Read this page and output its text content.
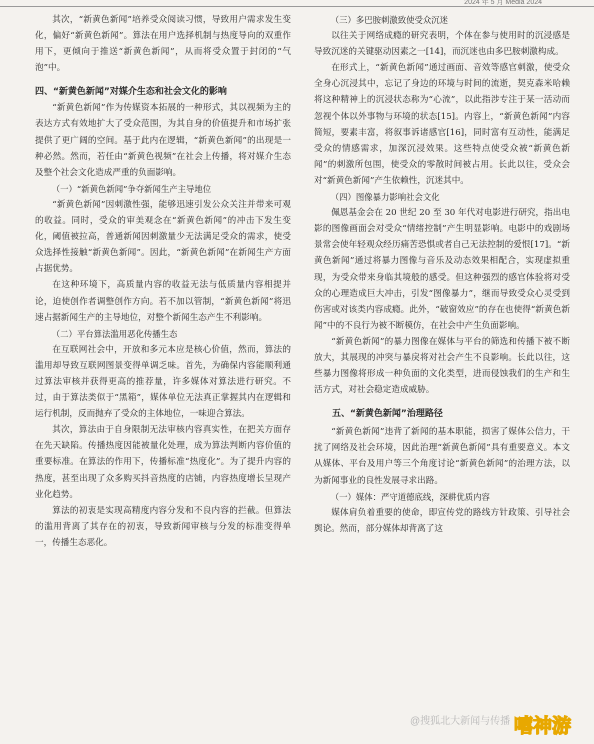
2024 年 5 月 Media 2024

其次，“新黄色新闻”培养受众阅读习惯，导致用户需求发生变化，偏好“新黄色新闻”。算法在用户选择机制与热度导向的双重作用下，更倾向于推送“新黄色新闻”，从而将受众置于封闭的“气泡”中。

四、“新黄色新闻”对媒介生态和社会文化的影响

“新黄色新闻”作为传媒资本拓展的一种形式，其以视频为主的表达方式有效地扩大了受众范围，为其自身的价值提升和市场扩张提供了更广阔的空间。基于此内在逻辑，“新黄色新闻”的出现是一种必然。然而，若任由“新黄色视频”在社会上传播，将对媒介生态及整个社会文化造成严重的负面影响。

（一）“新黄色新闻”争夺新闻生产主导地位

“新黄色新闻”因刺激性强，能够迅速引发公众关注并带来可观的收益。同时，受众的审美观念在“新黄色新闻”的冲击下发生变化，阈值被拉高，普通新闻因刺激量少无法满足受众的需求，使受众选择性接触“新黄色新闻”。因此，“新黄色新闻”在新闻生产方面占据优势。

在这种环境下，高质量内容的收益无法与低质量内容相提并论，迫使创作者调整创作方向。若不加以管制，“新黄色新闻”将迅速占据新闻生产的主导地位，对整个新闻生态产生不利影响。

（二）平台算法滥用恶化传播生态

在互联网社会中，开放和多元本应是核心价值，然而，算法的滥用却导致互联网图景变得单调乏味。首先，为确保内容能顺利通过算法审核并获得更高的推荐量，许多媒体对算法进行研究。不过，由于算法类似于“黑箱”，媒体单位无法真正掌握其内在逻辑和运行机制，反而抛弃了受众的主体地位，一味迎合算法。

其次，算法由于自身限制无法审核内容真实性，在把关方面存在先天缺陷。传播热度因能被量化处理，成为算法判断内容价值的重要标准。在算法的作用下，传播标准“热度化”。为了提升内容的热度，甚至出现了众多购买抖音热度的店铺，内容热度增长呈现产业化趋势。

算法的初衷是实现高精度内容分发和不良内容的拦截。但算法的滥用背离了其存在的初衷，导致新闻审核与分发的标准变得单一，传播生态恶化。

（三）多巴胺刺激致使受众沉迷

以往关于网络成瘾的研究表明，个体在参与使用时的沉浸感是导致沉迷的关键驱动因素之一[14]，而沉迷也由多巴胺刺激构成。

在形式上，“新黄色新闻”通过画面、音效等感官刺激，使受众全身心沉浸其中，忘记了身边的环境与时间的流逝，契克森米哈赖将这种精神上的沉浸状态称为“心流”，以此指涉专注于某一活动而忽视个体以外事物与环境的状态[15]。内容上，“新黄色新闻”内容简短，要素丰富，将叙事诉诸感官[16]，同时富有互动性，能满足受众的情感需求，加深沉浸效果。这些特点使受众被“新黄色新闻”的刺激所包围，使受众的零散时间被占用。长此以往，受众会对“新黄色新闻”产生依赖性，沉迷其中。

（四）图像暴力影响社会文化

佩恩基金会在 20 世纪 20 至 30 年代对电影进行研究，指出电影的图像画面会对受众“情绪控制”产生明显影响。电影中的戏剧场景常会使年轻观众经历痛苦恐惧或者自己无法控制的爱恨[17]。“新黄色新闻”通过将暴力图像与音乐及动态效果相配合，实现虚拟重现，为受众带来身临其境般的感受。但这种强烈的感官体验将对受众的心理造成巨大冲击，引发“图像暴力”，继而导致受众心灵受到伤害或对该类内容成瘾。此外，“破窗效应”的存在也使得“新黄色新闻”中的不良行为被不断模仿，在社会中产生负面影响。

“新黄色新闻”的暴力图像在媒体与平台的筛选和传播下被不断放大，其展现的冲突与暴戾将对社会产生不良影响。长此以往，这些暴力图像将形成一种负面的文化类型，进而侵蚀我们的生产和生活方式，对社会稳定造成威胁。

五、“新黄色新闻”治理路径

“新黄色新闻”违背了新闻的基本职能，损害了媒体公信力，干扰了网络及社会环境，因此治理“新黄色新闻”具有重要意义。本文从媒体、平台及用户等三个角度讨论“新黄色新闻”的治理方法，以为新闻事业的良性发展寻求出路。

（一）媒体：严守道德底线，深耕优质内容

媒体肩负着重要的使命，即宣传党的路线方针政策、引导社会舆论。然而，部分媒体却背离了这

@搜狐北大新闻与传播 嘻神游
